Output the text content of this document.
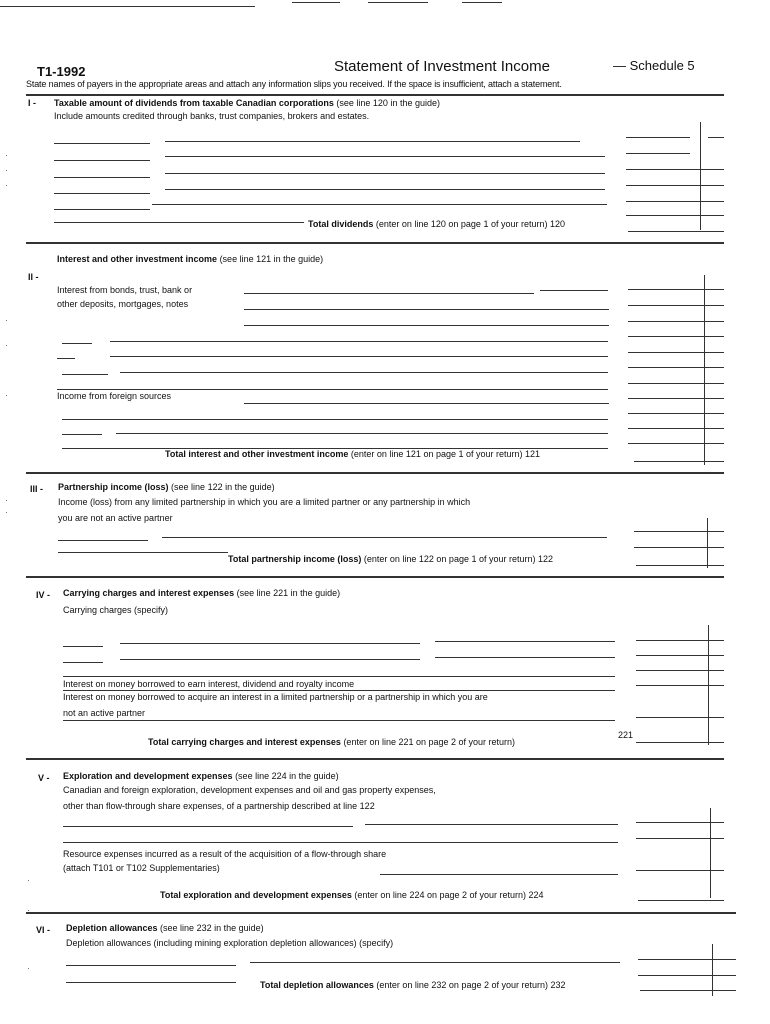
T1-1992	Statement of Investment Income	— Schedule 5
State names of payers in the appropriate areas and attach any information slips you received. If the space is insufficient, attach a statement.
I - Taxable amount of dividends from taxable Canadian corporations (see line 120 in the guide)
Include amounts credited through banks, trust companies, brokers and estates.
Total dividends (enter on line 120 on page 1 of your return) 120
II -
Interest and other investment income (see line 121 in the guide)
Interest from bonds, trust, bank or
other deposits, mortgages, notes
Income from foreign sources
Total interest and other investment income (enter on line 121 on page 1 of your return) 121
III - Partnership income (loss) (see line 122 in the guide)
Income (loss) from any limited partnership in which you are a limited partner or any partnership in which
you are not an active partner
Total partnership income (loss) (enter on line 122 on page 1 of your return) 122
IV - Carrying charges and interest expenses (see line 221 in the guide)
Carrying charges (specify)
Interest on money borrowed to earn interest, dividend and royalty income
Interest on money borrowed to acquire an interest in a limited partnership or a partnership in which you are
not an active partner
Total carrying charges and interest expenses (enter on line 221 on page 2 of your return)
221
V - Exploration and development expenses (see line 224 in the guide)
Canadian and foreign exploration, development expenses and oil and gas property expenses,
other than flow-through share expenses, of a partnership described at line 122
Resource expenses incurred as a result of the acquisition of a flow-through share
(attach T101 or T102 Supplementaries)
Total exploration and development expenses (enter on line 224 on page 2 of your return) 224
VI - Depletion allowances (see line 232 in the guide)
Depletion allowances (including mining exploration depletion allowances) (specify)
Total depletion allowances (enter on line 232 on page 2 of your return) 232
